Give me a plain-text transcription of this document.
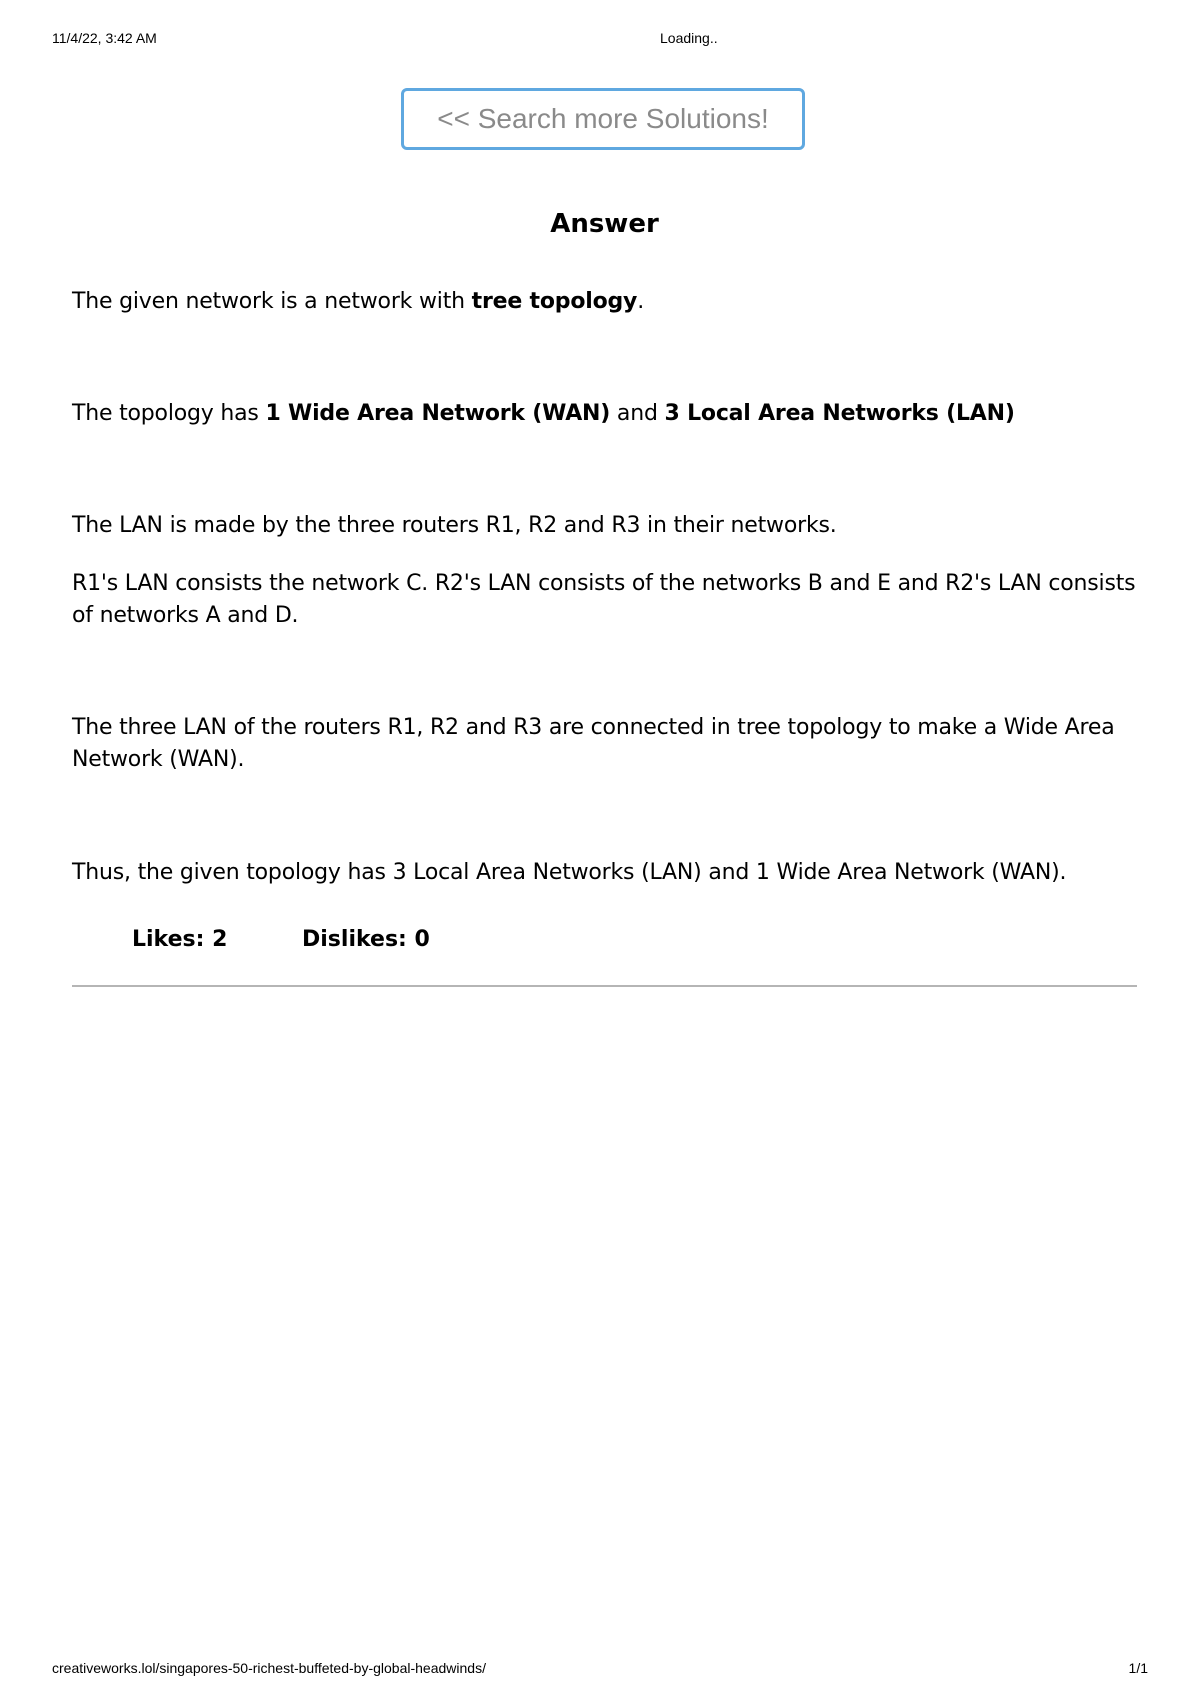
11/4/22, 3:42 AM	Loading..
<< Search more Solutions!
Answer

The given network is a network with tree topology.

The topology has 1 Wide Area Network (WAN) and 3 Local Area Networks (LAN)

The LAN is made by the three routers R1, R2 and R3 in their networks.

R1's LAN consists the network C. R2's LAN consists of the networks B and E and R2's LAN consists of networks A and D.

The three LAN of the routers R1, R2 and R3 are connected in tree topology to make a Wide Area Network (WAN).

Thus, the given topology has 3 Local Area Networks (LAN) and 1 Wide Area Network (WAN).

Likes: 2	Dislikes: 0
creativeworks.lol/singapores-50-richest-buffeted-by-global-headwinds/	1/1
